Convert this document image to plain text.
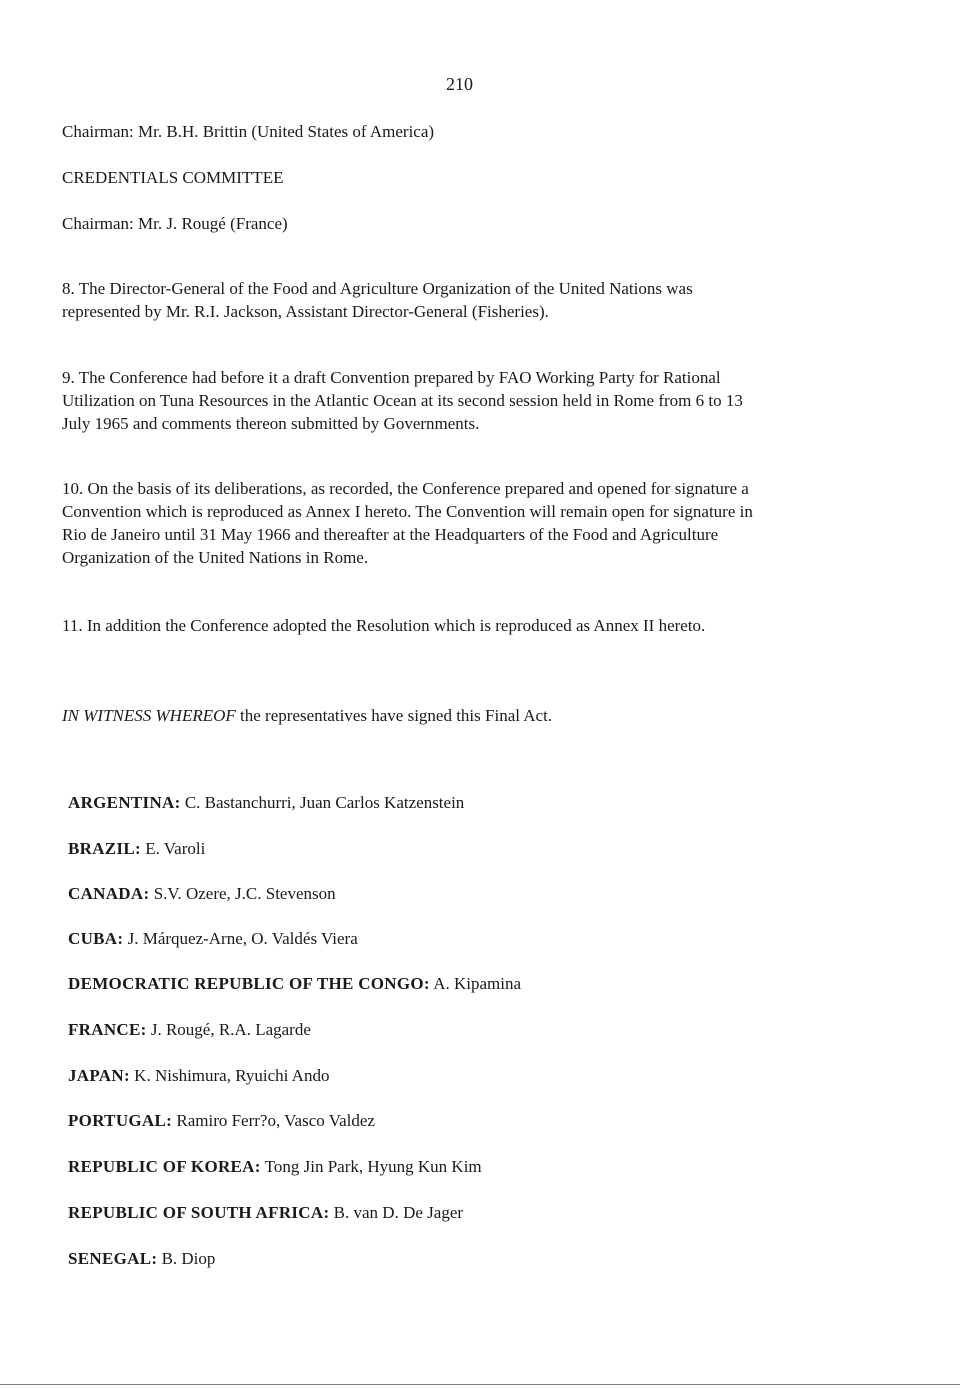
210
Chairman: Mr. B.H. Brittin (United States of America)
CREDENTIALS COMMITTEE
Chairman: Mr. J. Rougé (France)
8. The Director-General of the Food and Agriculture Organization of the United Nations was
represented by Mr. R.I. Jackson, Assistant Director-General (Fisheries).
9. The Conference had before it a draft Convention prepared by FAO Working Party for Rational
Utilization on Tuna Resources in the Atlantic Ocean at its second session held in Rome from 6 to 13
July 1965 and comments thereon submitted by Governments.
10. On the basis of its deliberations, as recorded, the Conference prepared and opened for signature a
Convention which is reproduced as Annex I hereto. The Convention will remain open for signature in
Rio de Janeiro until 31 May 1966 and thereafter at the Headquarters of the Food and Agriculture
Organization of the United Nations in Rome.
11. In addition the Conference adopted the Resolution which is reproduced as Annex II hereto.
IN WITNESS WHEREOF the representatives have signed this Final Act.
ARGENTINA: C. Bastanchurri, Juan Carlos Katzenstein
BRAZIL: E. Varoli
CANADA: S.V. Ozere, J.C. Stevenson
CUBA: J. Márquez-Arne, O. Valdés Viera
DEMOCRATIC REPUBLIC OF THE CONGO: A. Kipamina
FRANCE: J. Rougé, R.A. Lagarde
JAPAN: K. Nishimura, Ryuichi Ando
PORTUGAL: Ramiro Ferr?o, Vasco Valdez
REPUBLIC OF KOREA: Tong Jin Park, Hyung Kun Kim
REPUBLIC OF SOUTH AFRICA: B. van D. De Jager
SENEGAL: B. Diop
